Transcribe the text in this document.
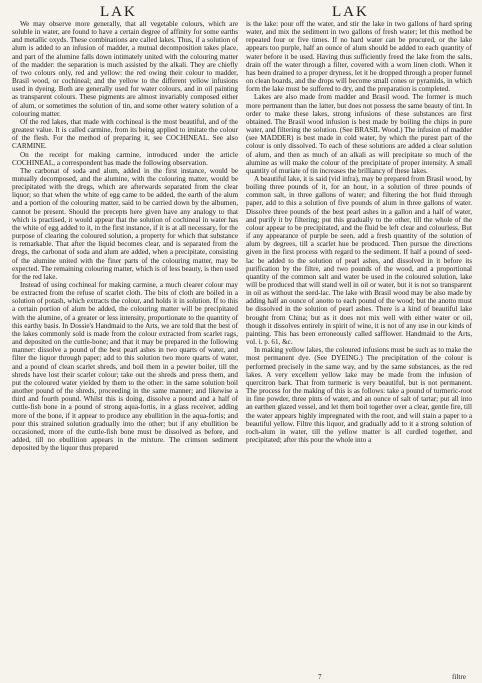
LAK	LAK

We may observe more generally, that all vegetable colours, which are soluble in water, are found to have a certain degree of affinity for some earths and metallic oxyds. These combinations are called lakes. Thus, if a solution of alum is added to an infusion of madder, a mutual decomposition takes place, and part of the alumine falls down intimately united with the colouring matter of the madder: the separation is much assisted by the alkali. They are chiefly of two colours only, red and yellow: the red owing their colour to madder, Brasil wood, or cochineal; and the yellow to the different yellow infusions used in dyeing. Both are generally used for water colours, and in oil painting as transparent colours. These pigments are almost invariably composed either of alum, or sometimes the solution of tin, and some other watery solution of a colouring matter.

Of the red lakes, that made with cochineal is the most beautiful, and of the greatest value. It is called carmine, from its being applied to imitate the colour of the flesh. For the method of preparing it, see COCHINEAL. See also CARMINE.

On the receipt for making carmine, introduced under the article COCHINEAL, a correspondent has made the following observation.

The carbonat of soda and alum, added in the first instance, would be mutually decomposed, and the alumine, with the colouring matter, would be precipitated with the dregs, which are afterwards separated from the clear liquor; so that when the white of egg came to be added, the earth of the alum and a portion of the colouring matter, said to be carried down by the albumen, cannot be present. Should the precepts here given have any analogy to that which is practised, it would appear that the solution of cochineal in water has the white of egg added to it, in the first instance, if it is at all necessary, for the purpose of clearing the coloured solution, a property for which that substance is remarkable. That after the liquid becomes clear, and is separated from the dregs, the carbonat of soda and alum are added, when a precipitate, consisting of the alumine united with the finer parts of the colouring matter, may be expected. The remaining colouring matter, which is of less beauty, is then used for the red lake.

Instead of using cochineal for making carmine, a much clearer colour may be extracted from the refuse of scarlet cloth. The bits of cloth are boiled in a solution of potash, which extracts the colour, and holds it in solution. If to this a certain portion of alum be added, the colouring matter will be precipitated with the alumine, of a greater or less intensity, proportionate to the quantity of this earthy basis. In Dossie's Handmaid to the Arts, we are told that the best of the lakes commonly sold is made from the colour extracted from scarlet rags, and deposited on the cuttle-bone; and that it may be prepared in the following manner: dissolve a pound of the best pearl ashes in two quarts of water, and filter the liquor through paper; add to this solution two more quarts of water, and a pound of clean scarlet shreds, and boil them in a pewter boiler, till the shreds have lost their scarlet colour; take out the shreds and press them, and put the coloured water yielded by them to the other: in the same solution boil another pound of the shreds, proceeding in the same manner; and likewise a third and fourth pound. Whilst this is doing, dissolve a pound and a half of cuttle-fish bone in a pound of strong aqua-fortis, in a glass receiver, adding more of the bone, if it appear to produce any ebullition in the aqua-fortis; and pour this strained solution gradually into the other; but if any ebullition be occasioned, more of the cuttle-fish bone must be dissolved as before, and added, till no ebullition appears in the mixture. The crimson sediment deposited by the liquor thus prepared

is the lake: pour off the water, and stir the lake in two gallons of hard spring water, and mix the sediment in two gallons of fresh water; let this method be repeated four or five times. If no hard water can be procured, or the lake appears too purple, half an ounce of alum should be added to each quantity of water before it be used. Having thus sufficiently freed the lake from the salts, drain off the water through a filter, covered with a worn linen cloth. When it has been drained to a proper dryness, let it be dropped through a proper funnel on clean boards, and the drops will become small cones or pyramids, in which form the lake must be suffered to dry, and the preparation is completed.

Lakes are also made from madder and Brasil wood. The former is much more permanent than the latter, but does not possess the same beauty of tint. In order to make these lakes, strong infusions of these substances are first obtained. The Brasil wood infusion is best made by boiling the chips in pure water, and filtering the solution. (See BRASIL Wood.) The infusion of madder (see MADDER) is best made in cold water, by which the purest part of the colour is only dissolved. To each of these solutions are added a clear solution of alum, and then as much of an alkali as will precipitate so much of the alumine as will make the colour of the precipitate of proper intensity. A small quantity of muriate of tin increases the brilliancy of these lakes.

A beautiful lake, it is said (vid infra), may be prepared from Brasil wood, by boiling three pounds of it, for an hour, in a solution of three pounds of common salt, in three gallons of water; and filtering the hot fluid through paper, add to this a solution of five pounds of alum in three gallons of water. Dissolve three pounds of the best pearl ashes in a gallon and a half of water, and purify it by filtering; put this gradually to the other, till the whole of the colour appear to be precipitated, and the fluid be left clear and colourless. But if any appearance of purple be seen, add a fresh quantity of the solution of alum by degrees, till a scarlet hue be produced. Then pursue the directions given in the first process with regard to the sediment. If half a pound of seed-lac be added to the solution of pearl ashes, and dissolved in it before its purification by the filtre, and two pounds of the wood, and a proportional quantity of the common salt and water be used in the coloured solution, lake will be produced that will stand well in oil or water, but it is not so transparent in oil as without the seed-lac. The lake with Brasil wood may be also made by adding half an ounce of anotto to each pound of the wood; but the anotto must be dissolved in the solution of pearl ashes. There is a kind of beautiful lake brought from China; but as it does not mix well with either water or oil, though it dissolves entirely in spirit of wine, it is not of any use in our kinds of painting. This has been erroneously called safflower. Handmaid to the Arts, vol. i. p. 61, &c.

In making yellow lakes, the coloured infusions must be such as to make the most permanent dye. (See DYEING.) The precipitation of the colour is performed precisely in the same way, and by the same substances, as the red lakes. A very excellent yellow lake may be made from the infusion of quercitron bark. That from turmeric is very beautiful, but is not permanent. The process for the making of this is as follows: take a pound of turmeric-root in fine powder, three pints of water, and an ounce of salt of tartar; put all into an earthen glazed vessel, and let them boil together over a clear, gentle fire, till the water appears highly impregnated with the root, and will stain a paper to a beautiful yellow. Filtre this liquor, and gradually add to it a strong solution of roch-alum in water, till the yellow matter is all curdled together, and precipitated; after this pour the whole into a

7	filtre
